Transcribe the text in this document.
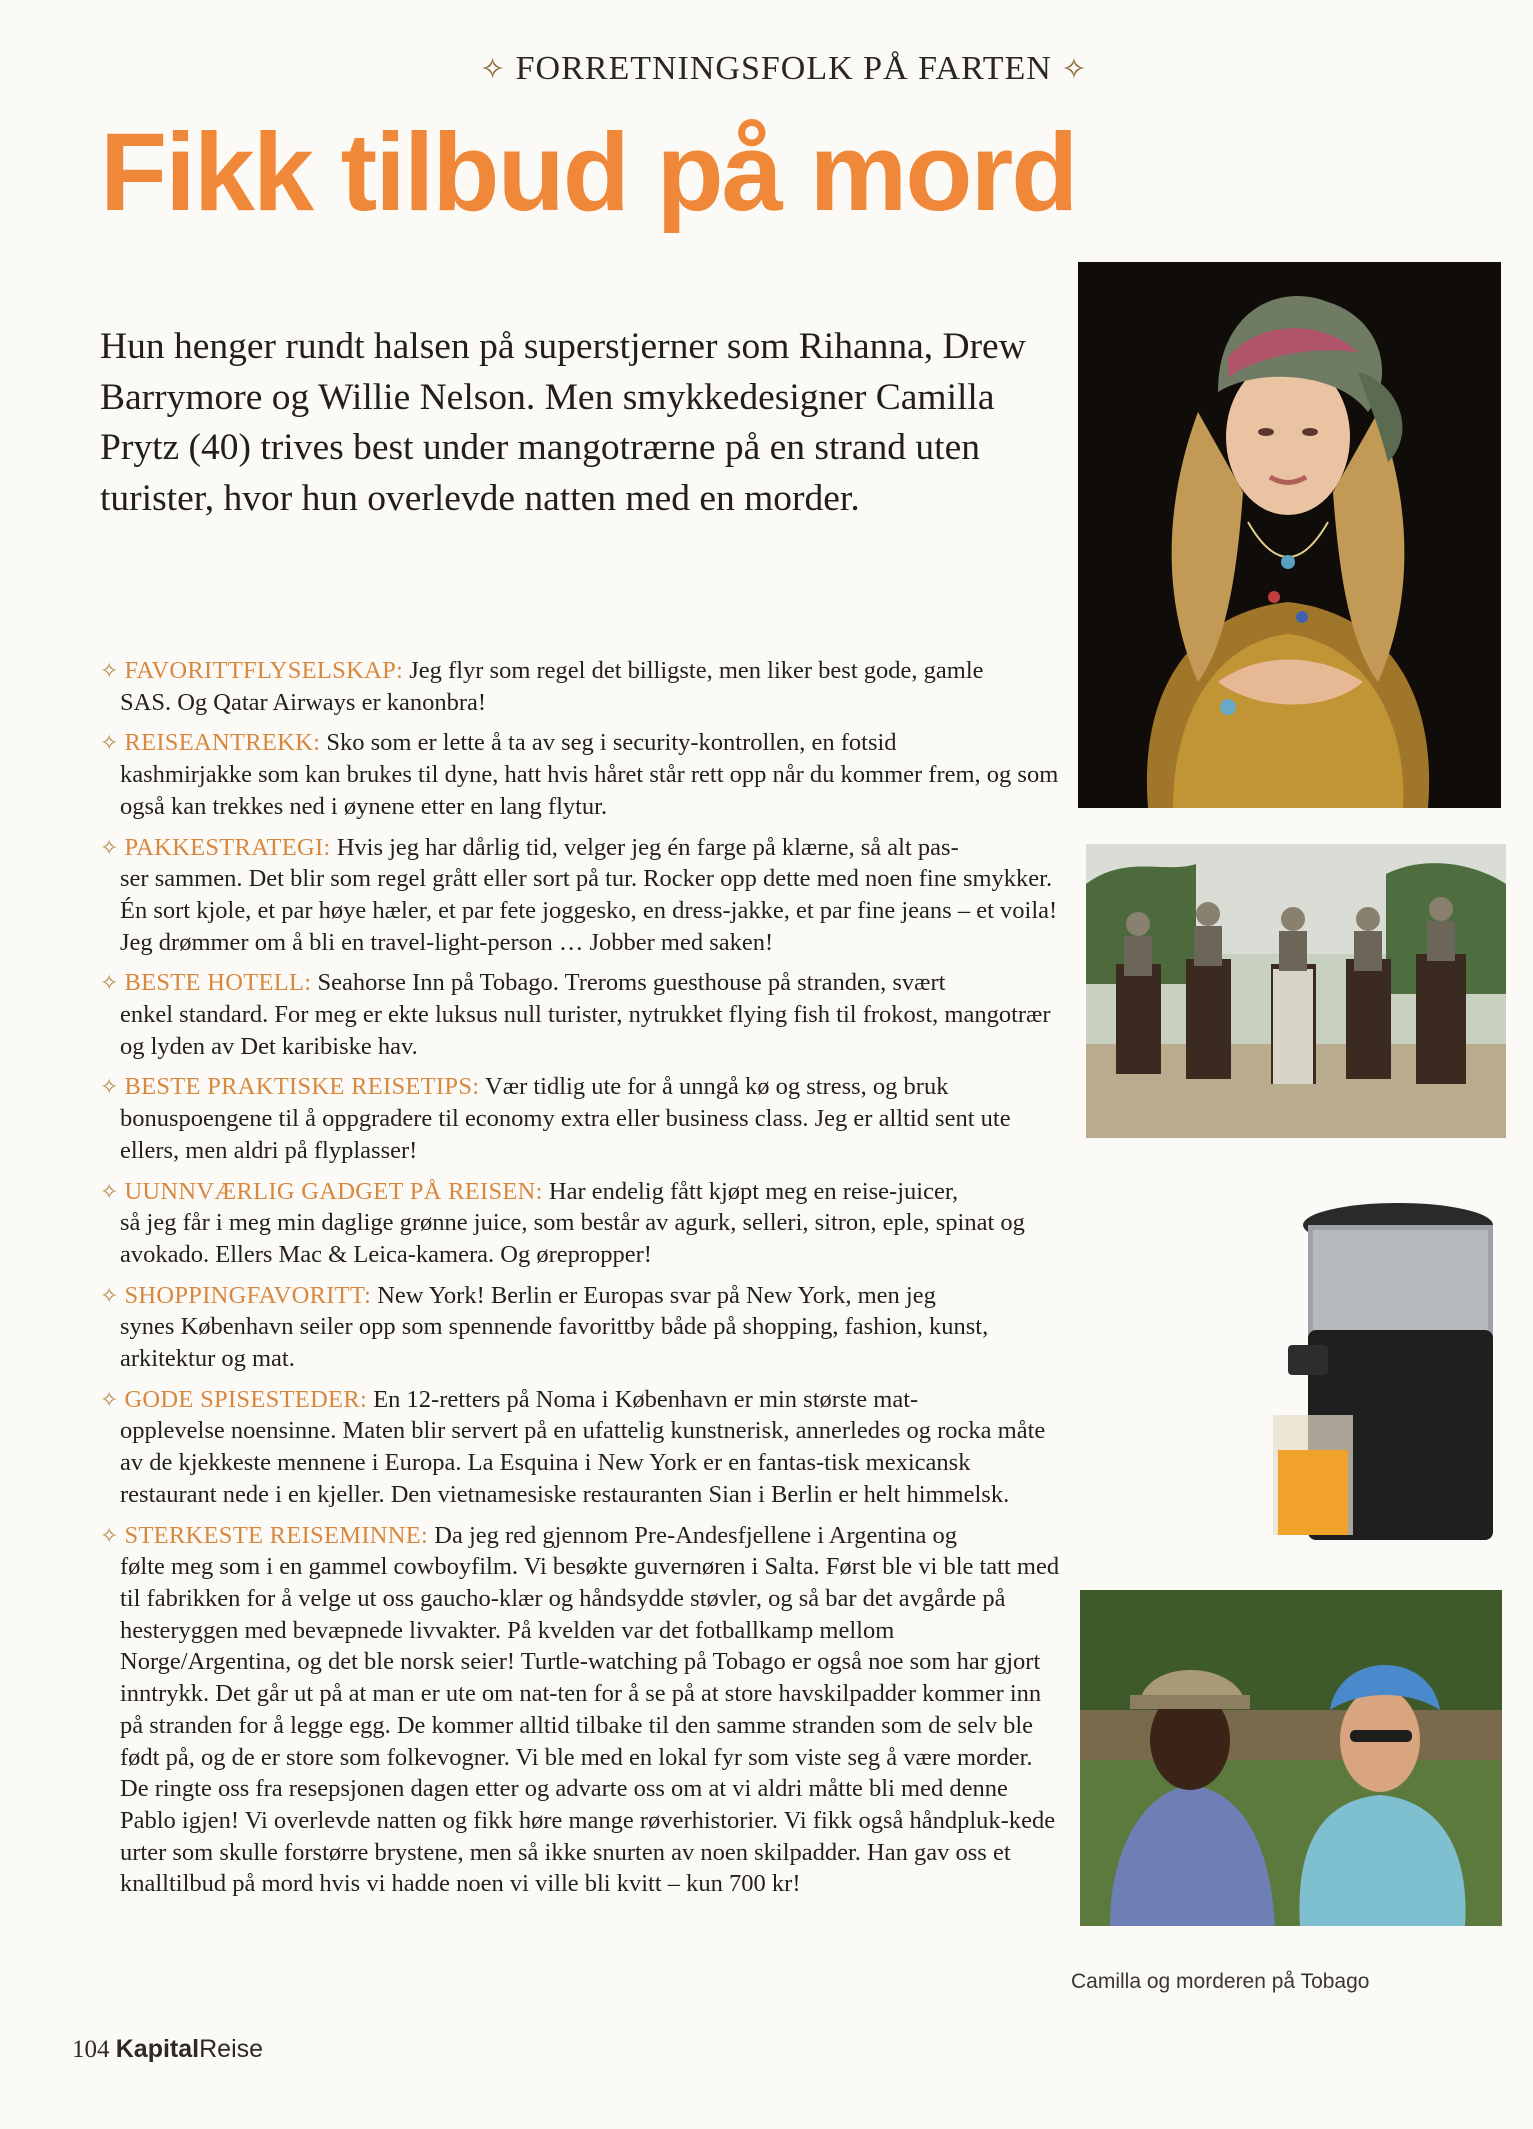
✧ FORRETNINGSFOLK PÅ FARTEN ✧
Fikk tilbud på mord
Hun henger rundt halsen på superstjerner som Rihanna, Drew Barrymore og Willie Nelson. Men smykkedesigner Camilla Prytz (40) trives best under mangotrærne på en strand uten turister, hvor hun overlevde natten med en morder.
✧ FAVORITTFLYSELSKAP: Jeg flyr som regel det billigste, men liker best gode, gamle
SAS. Og Qatar Airways er kanonbra!
✧ REISEANTREKK: Sko som er lette å ta av seg i security-kontrollen, en fotsid
kashmirjakke som kan brukes til dyne, hatt hvis håret står rett opp når du kommer frem, og som også kan trekkes ned i øynene etter en lang flytur.
✧ PAKKESTRATEGI: Hvis jeg har dårlig tid, velger jeg én farge på klærne, så alt pas-
ser sammen. Det blir som regel grått eller sort på tur. Rocker opp dette med noen fine smykker. Én sort kjole, et par høye hæler, et par fete joggesko, en dress-jakke, et par fine jeans – et voila! Jeg drømmer om å bli en travel-light-person … Jobber med saken!
✧ BESTE HOTELL: Seahorse Inn på Tobago. Treroms guesthouse på stranden, svært
enkel standard. For meg er ekte luksus null turister, nytrukket flying fish til frokost, mangotrær og lyden av Det karibiske hav.
✧ BESTE PRAKTISKE REISETIPS: Vær tidlig ute for å unngå kø og stress, og bruk
bonuspoengene til å oppgradere til economy extra eller business class. Jeg er alltid sent ute ellers, men aldri på flyplasser!
✧ UUNNVÆRLIG GADGET PÅ REISEN: Har endelig fått kjøpt meg en reise-juicer,
så jeg får i meg min daglige grønne juice, som består av agurk, selleri, sitron, eple, spinat og avokado. Ellers Mac & Leica-kamera. Og ørepropper!
✧ SHOPPINGFAVORITT: New York! Berlin er Europas svar på New York, men jeg
synes København seiler opp som spennende favorittby både på shopping, fashion, kunst, arkitektur og mat.
✧ GODE SPISESTEDER: En 12-retters på Noma i København er min største mat-
opplevelse noensinne. Maten blir servert på en ufattelig kunstnerisk, annerledes og rocka måte av de kjekkeste mennene i Europa. La Esquina i New York er en fantas-tisk mexicansk restaurant nede i en kjeller. Den vietnamesiske restauranten Sian i Berlin er helt himmelsk.
✧ STERKESTE REISEMINNE: Da jeg red gjennom Pre-Andesfjellene i Argentina og
følte meg som i en gammel cowboyfilm. Vi besøkte guvernøren i Salta. Først ble vi ble tatt med til fabrikken for å velge ut oss gaucho-klær og håndsydde støvler, og så bar det avgårde på hesteryggen med bevæpnede livvakter. På kvelden var det fotballkamp mellom Norge/Argentina, og det ble norsk seier! Turtle-watching på Tobago er også noe som har gjort inntrykk. Det går ut på at man er ute om nat-ten for å se på at store havskilpadder kommer inn på stranden for å legge egg. De kommer alltid tilbake til den samme stranden som de selv ble født på, og de er store som folkevogner. Vi ble med en lokal fyr som viste seg å være morder. De ringte oss fra resepsjonen dagen etter og advarte oss om at vi aldri måtte bli med denne Pablo igjen! Vi overlevde natten og fikk høre mange røverhistorier. Vi fikk også håndpluk-kede urter som skulle forstørre brystene, men så ikke snurten av noen skilpadder. Han gav oss et knalltilbud på mord hvis vi hadde noen vi ville bli kvitt – kun 700 kr!
Camilla og morderen på Tobago
104 KapitalReise
